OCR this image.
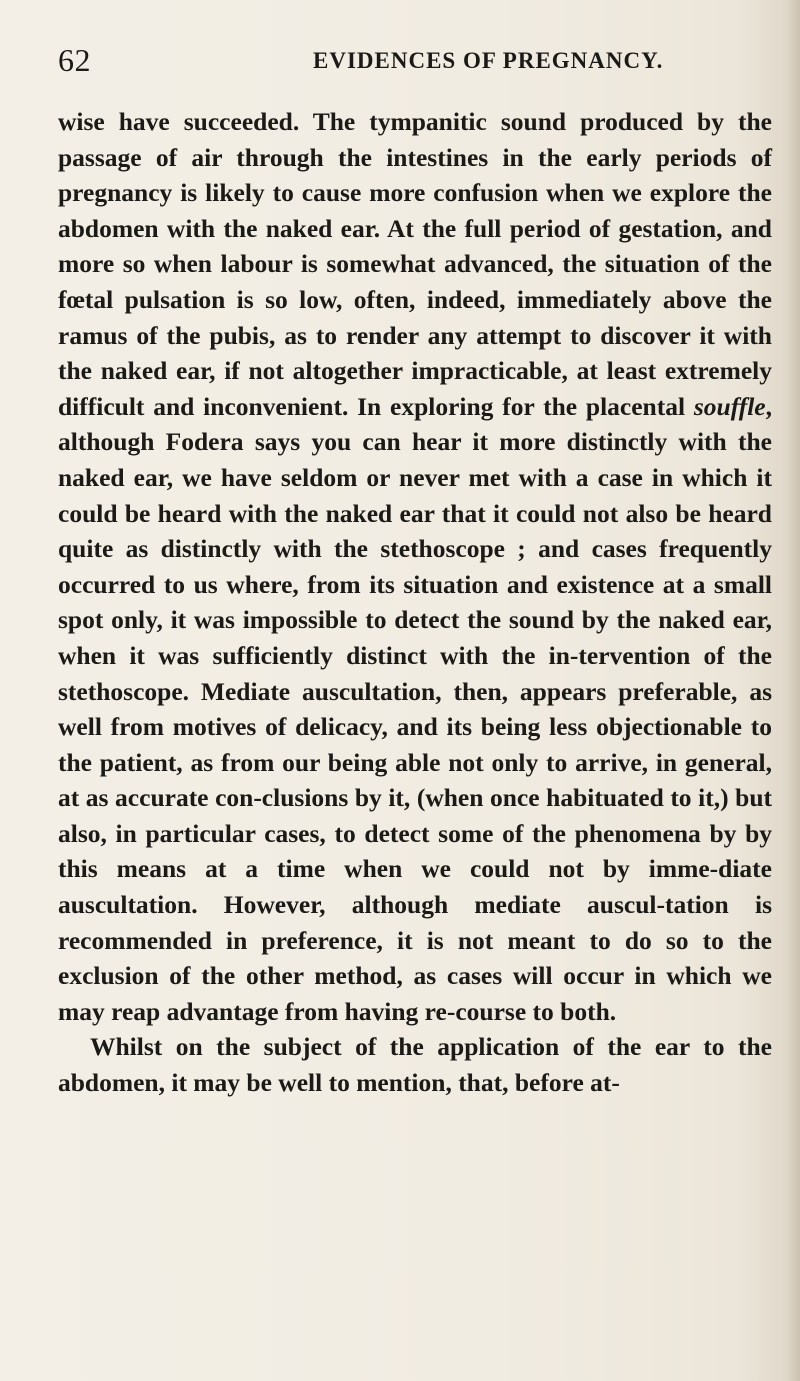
62	EVIDENCES OF PREGNANCY.

wise have succeeded. The tympanitic sound produced by the passage of air through the intestines in the early periods of pregnancy is likely to cause more confusion when we explore the abdomen with the naked ear. At the full period of gestation, and more so when labour is somewhat advanced, the situation of the fœtal pulsation is so low, often, indeed, immediately above the ramus of the pubis, as to render any attempt to discover it with the naked ear, if not altogether impracticable, at least extremely difficult and inconvenient. In exploring for the placental souffle, although Fodera says you can hear it more distinctly with the naked ear, we have seldom or never met with a case in which it could be heard with the naked ear that it could not also be heard quite as distinctly with the stethoscope ; and cases frequently occurred to us where, from its situation and existence at a small spot only, it was impossible to detect the sound by the naked ear, when it was sufficiently distinct with the in-tervention of the stethoscope. Mediate auscultation, then, appears preferable, as well from motives of delicacy, and its being less objectionable to the patient, as from our being able not only to arrive, in general, at as accurate con-clusions by it, (when once habituated to it,) but also, in particular cases, to detect some of the phenomena by by this means at a time when we could not by imme-diate auscultation. However, although mediate auscul-tation is recommended in preference, it is not meant to do so to the exclusion of the other method, as cases will occur in which we may reap advantage from having re-course to both.

Whilst on the subject of the application of the ear to the abdomen, it may be well to mention, that, before at-
